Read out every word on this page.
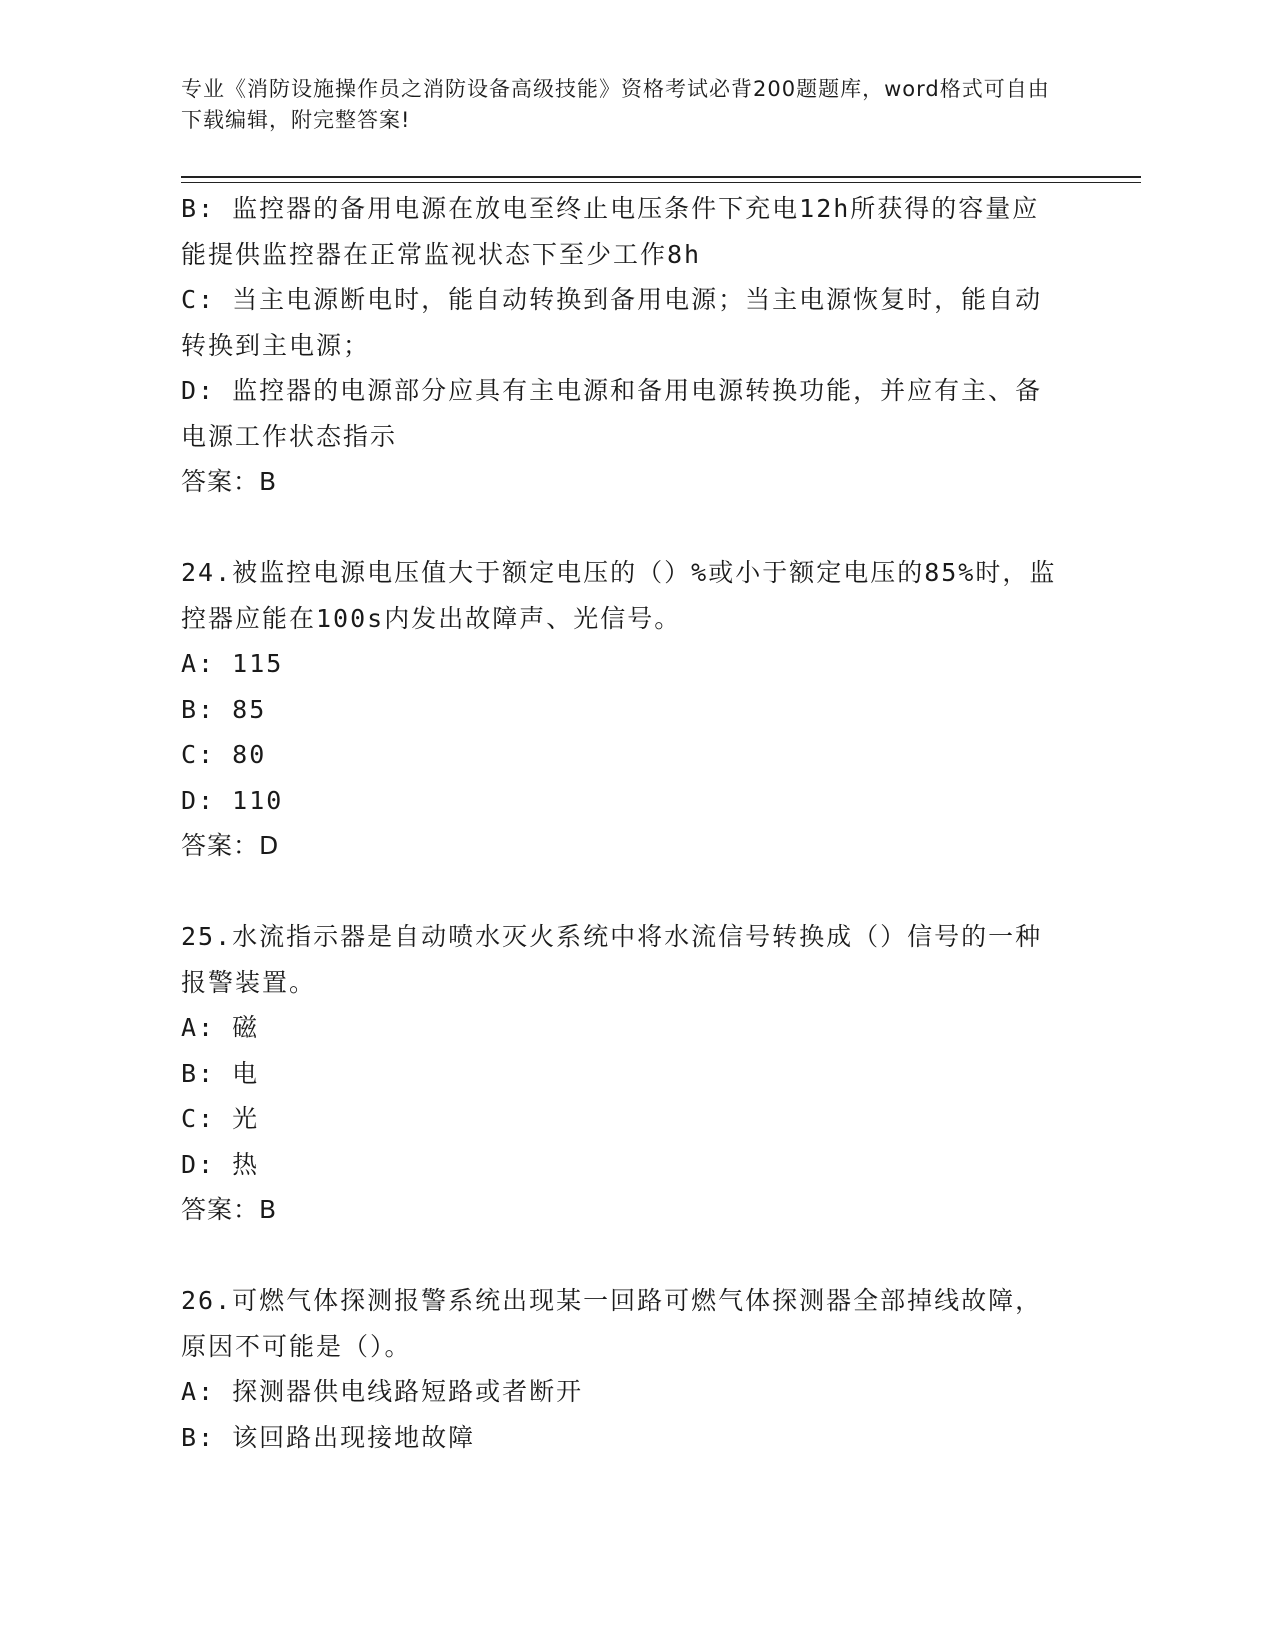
专业《消防设施操作员之消防设备高级技能》资格考试必背200题题库，word格式可自由下载编辑，附完整答案!

B: 监控器的备用电源在放电至终止电压条件下充电12h所获得的容量应能提供监控器在正常监视状态下至少工作8h

C: 当主电源断电时，能自动转换到备用电源；当主电源恢复时，能自动转换到主电源；

D: 监控器的电源部分应具有主电源和备用电源转换功能，并应有主、备电源工作状态指示

答案：B

24.被监控电源电压值大于额定电压的（）%或小于额定电压的85%时，监控器应能在100s内发出故障声、光信号。

A: 115

B: 85

C: 80

D: 110

答案：D

25.水流指示器是自动喷水灭火系统中将水流信号转换成（）信号的一种报警装置。

A: 磁

B: 电

C: 光

D: 热

答案：B

26.可燃气体探测报警系统出现某一回路可燃气体探测器全部掉线故障，原因不可能是（）。

A: 探测器供电线路短路或者断开

B: 该回路出现接地故障
